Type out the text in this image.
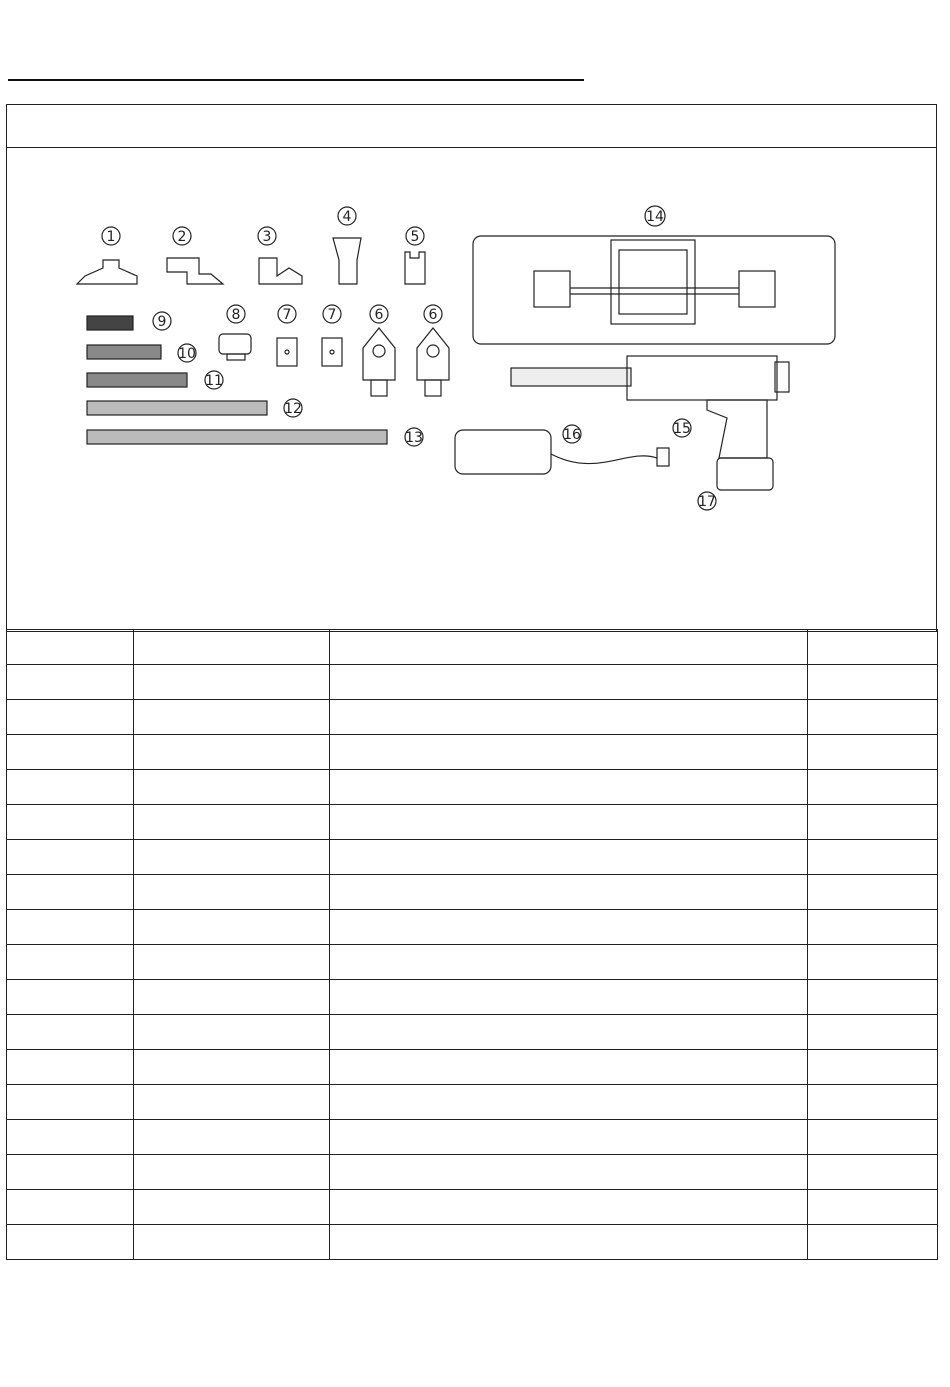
1	2	3
4
5
14
9
10
11
12
13
8	7	7	6	6
16	15
17
